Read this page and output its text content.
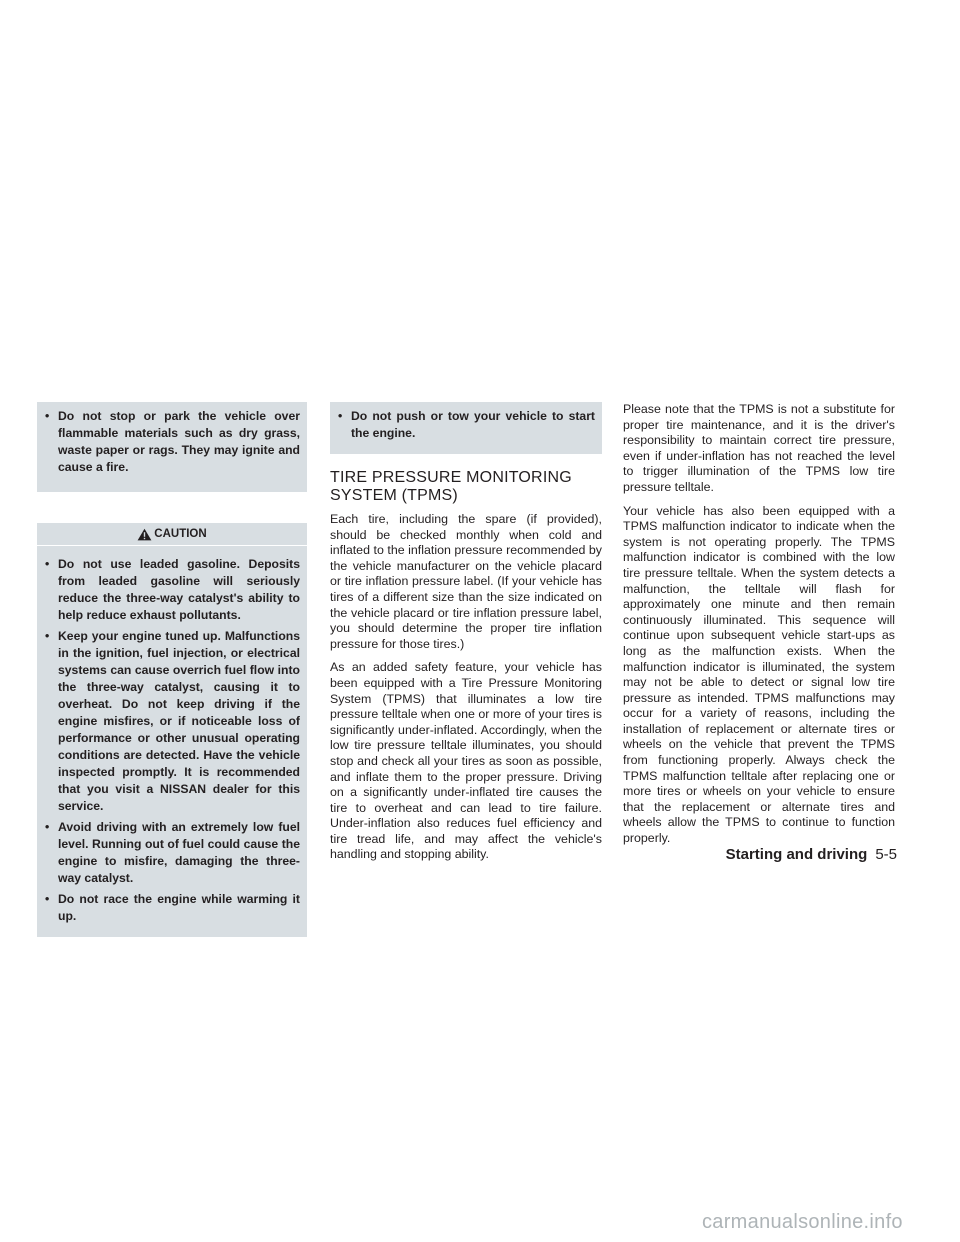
• Do not stop or park the vehicle over flammable materials such as dry grass, waste paper or rags. They may ignite and cause a fire.
CAUTION
• Do not use leaded gasoline. Deposits from leaded gasoline will seriously reduce the three-way catalyst's ability to help reduce exhaust pollutants.
• Keep your engine tuned up. Malfunctions in the ignition, fuel injection, or electrical systems can cause overrich fuel flow into the three-way catalyst, causing it to overheat. Do not keep driving if the engine misfires, or if noticeable loss of performance or other unusual operating conditions are detected. Have the vehicle inspected promptly. It is recommended that you visit a NISSAN dealer for this service.
• Avoid driving with an extremely low fuel level. Running out of fuel could cause the engine to misfire, damaging the three-way catalyst.
• Do not race the engine while warming it up.
• Do not push or tow your vehicle to start the engine.
TIRE PRESSURE MONITORING SYSTEM (TPMS)

Each tire, including the spare (if provided), should be checked monthly when cold and inflated to the inflation pressure recommended by the vehicle manufacturer on the vehicle placard or tire inflation pressure label. (If your vehicle has tires of a different size than the size indicated on the vehicle placard or tire inflation pressure label, you should determine the proper tire inflation pressure for those tires.)

As an added safety feature, your vehicle has been equipped with a Tire Pressure Monitoring System (TPMS) that illuminates a low tire pressure telltale when one or more of your tires is significantly under-inflated. Accordingly, when the low tire pressure telltale illuminates, you should stop and check all your tires as soon as possible, and inflate them to the proper pressure. Driving on a significantly under-inflated tire causes the tire to overheat and can lead to tire failure. Under-inflation also reduces fuel efficiency and tire tread life, and may affect the vehicle's handling and stopping ability.

Please note that the TPMS is not a substitute for proper tire maintenance, and it is the driver's responsibility to maintain correct tire pressure, even if under-inflation has not reached the level to trigger illumination of the TPMS low tire pressure telltale.

Your vehicle has also been equipped with a TPMS malfunction indicator to indicate when the system is not operating properly. The TPMS malfunction indicator is combined with the low tire pressure telltale. When the system detects a malfunction, the telltale will flash for approximately one minute and then remain continuously illuminated. This sequence will continue upon subsequent vehicle start-ups as long as the malfunction exists. When the malfunction indicator is illuminated, the system may not be able to detect or signal low tire pressure as intended. TPMS malfunctions may occur for a variety of reasons, including the installation of replacement or alternate tires or wheels on the vehicle that prevent the TPMS from functioning properly. Always check the TPMS malfunction telltale after replacing one or more tires or wheels on your vehicle to ensure that the replacement or alternate tires and wheels allow the TPMS to continue to function properly.

Starting and driving 5-5
carmanualsonline.info
